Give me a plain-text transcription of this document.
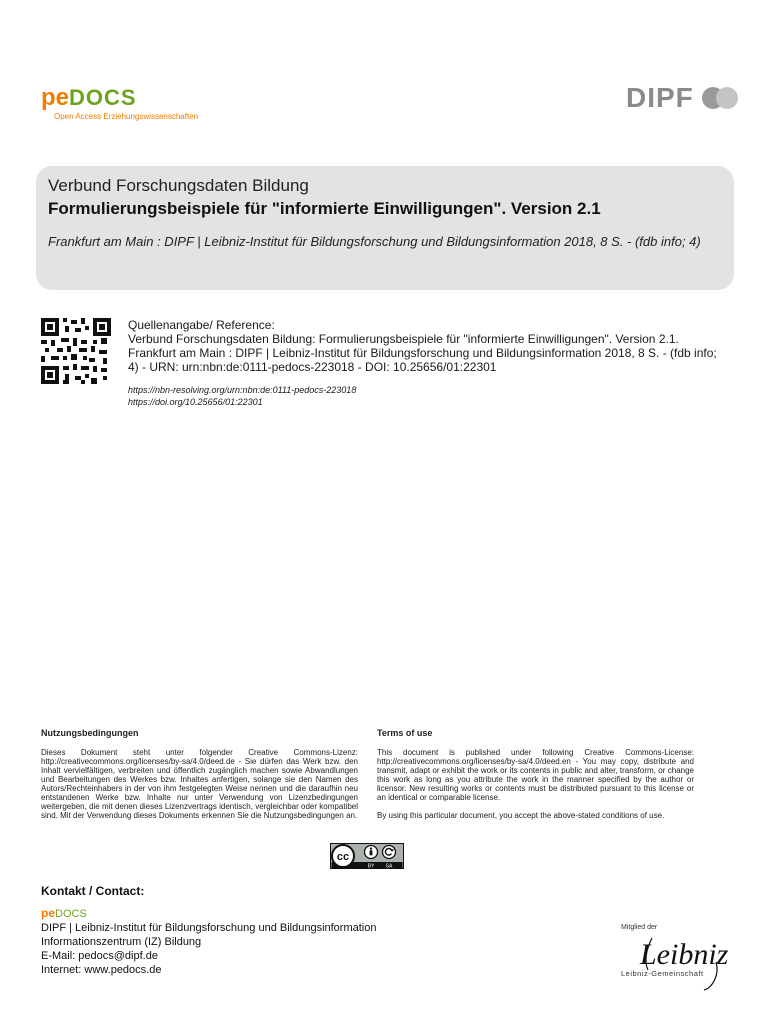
peDOCS
Open Access Erziehungswissenschaften
DIPF
Verbund Forschungsdaten Bildung
Formulierungsbeispiele für "informierte Einwilligungen". Version 2.1
Frankfurt am Main : DIPF | Leibniz-Institut für Bildungsforschung und Bildungsinformation 2018, 8 S. - (fdb info; 4)
Quellenangabe/ Reference:
Verbund Forschungsdaten Bildung: Formulierungsbeispiele für "informierte Einwilligungen". Version 2.1. Frankfurt am Main : DIPF | Leibniz-Institut für Bildungsforschung und Bildungsinformation 2018, 8 S. - (fdb info; 4) - URN: urn:nbn:de:0111-pedocs-223018 - DOI: 10.25656/01:22301
https://nbn-resolving.org/urn:nbn:de:0111-pedocs-223018
https://doi.org/10.25656/01:22301
Nutzungsbedingungen

Dieses Dokument steht unter folgender Creative Commons-Lizenz: http://creativecommons.org/licenses/by-sa/4.0/deed.de - Sie dürfen das Werk bzw. den Inhalt vervielfältigen, verbreiten und öffentlich zugänglich machen sowie Abwandlungen und Bearbeitungen des Werkes bzw. Inhaltes anfertigen, solange sie den Namen des Autors/Rechteinhabers in der von ihm festgelegten Weise nennen und die daraufhin neu entstandenen Werke bzw. Inhalte nur unter Verwendung von Lizenzbedingungen weitergeben, die mit denen dieses Lizenzvertrags identisch, vergleichbar oder kompatibel sind. Mit der Verwendung dieses Dokuments erkennen Sie die Nutzungsbedingungen an.

Terms of use

This document is published under following Creative Commons-License: http://creativecommons.org/licenses/by-sa/4.0/deed.en - You may copy, distribute and transmit, adapt or exhibit the work or its contents in public and alter, transform, or change this work as long as you attribute the work in the manner specified by the author or licensor. New resulting works or contents must be distributed pursuant to this license or an identical or comparable license.

By using this particular document, you accept the above-stated conditions of use.

cc
BY SA
Kontakt / Contact:
peDOCS
DIPF | Leibniz-Institut für Bildungsforschung und Bildungsinformation
Informationszentrum (IZ) Bildung
E-Mail: pedocs@dipf.de
Internet: www.pedocs.de
Mitglied der
Leibniz
Leibniz-Gemeinschaft
